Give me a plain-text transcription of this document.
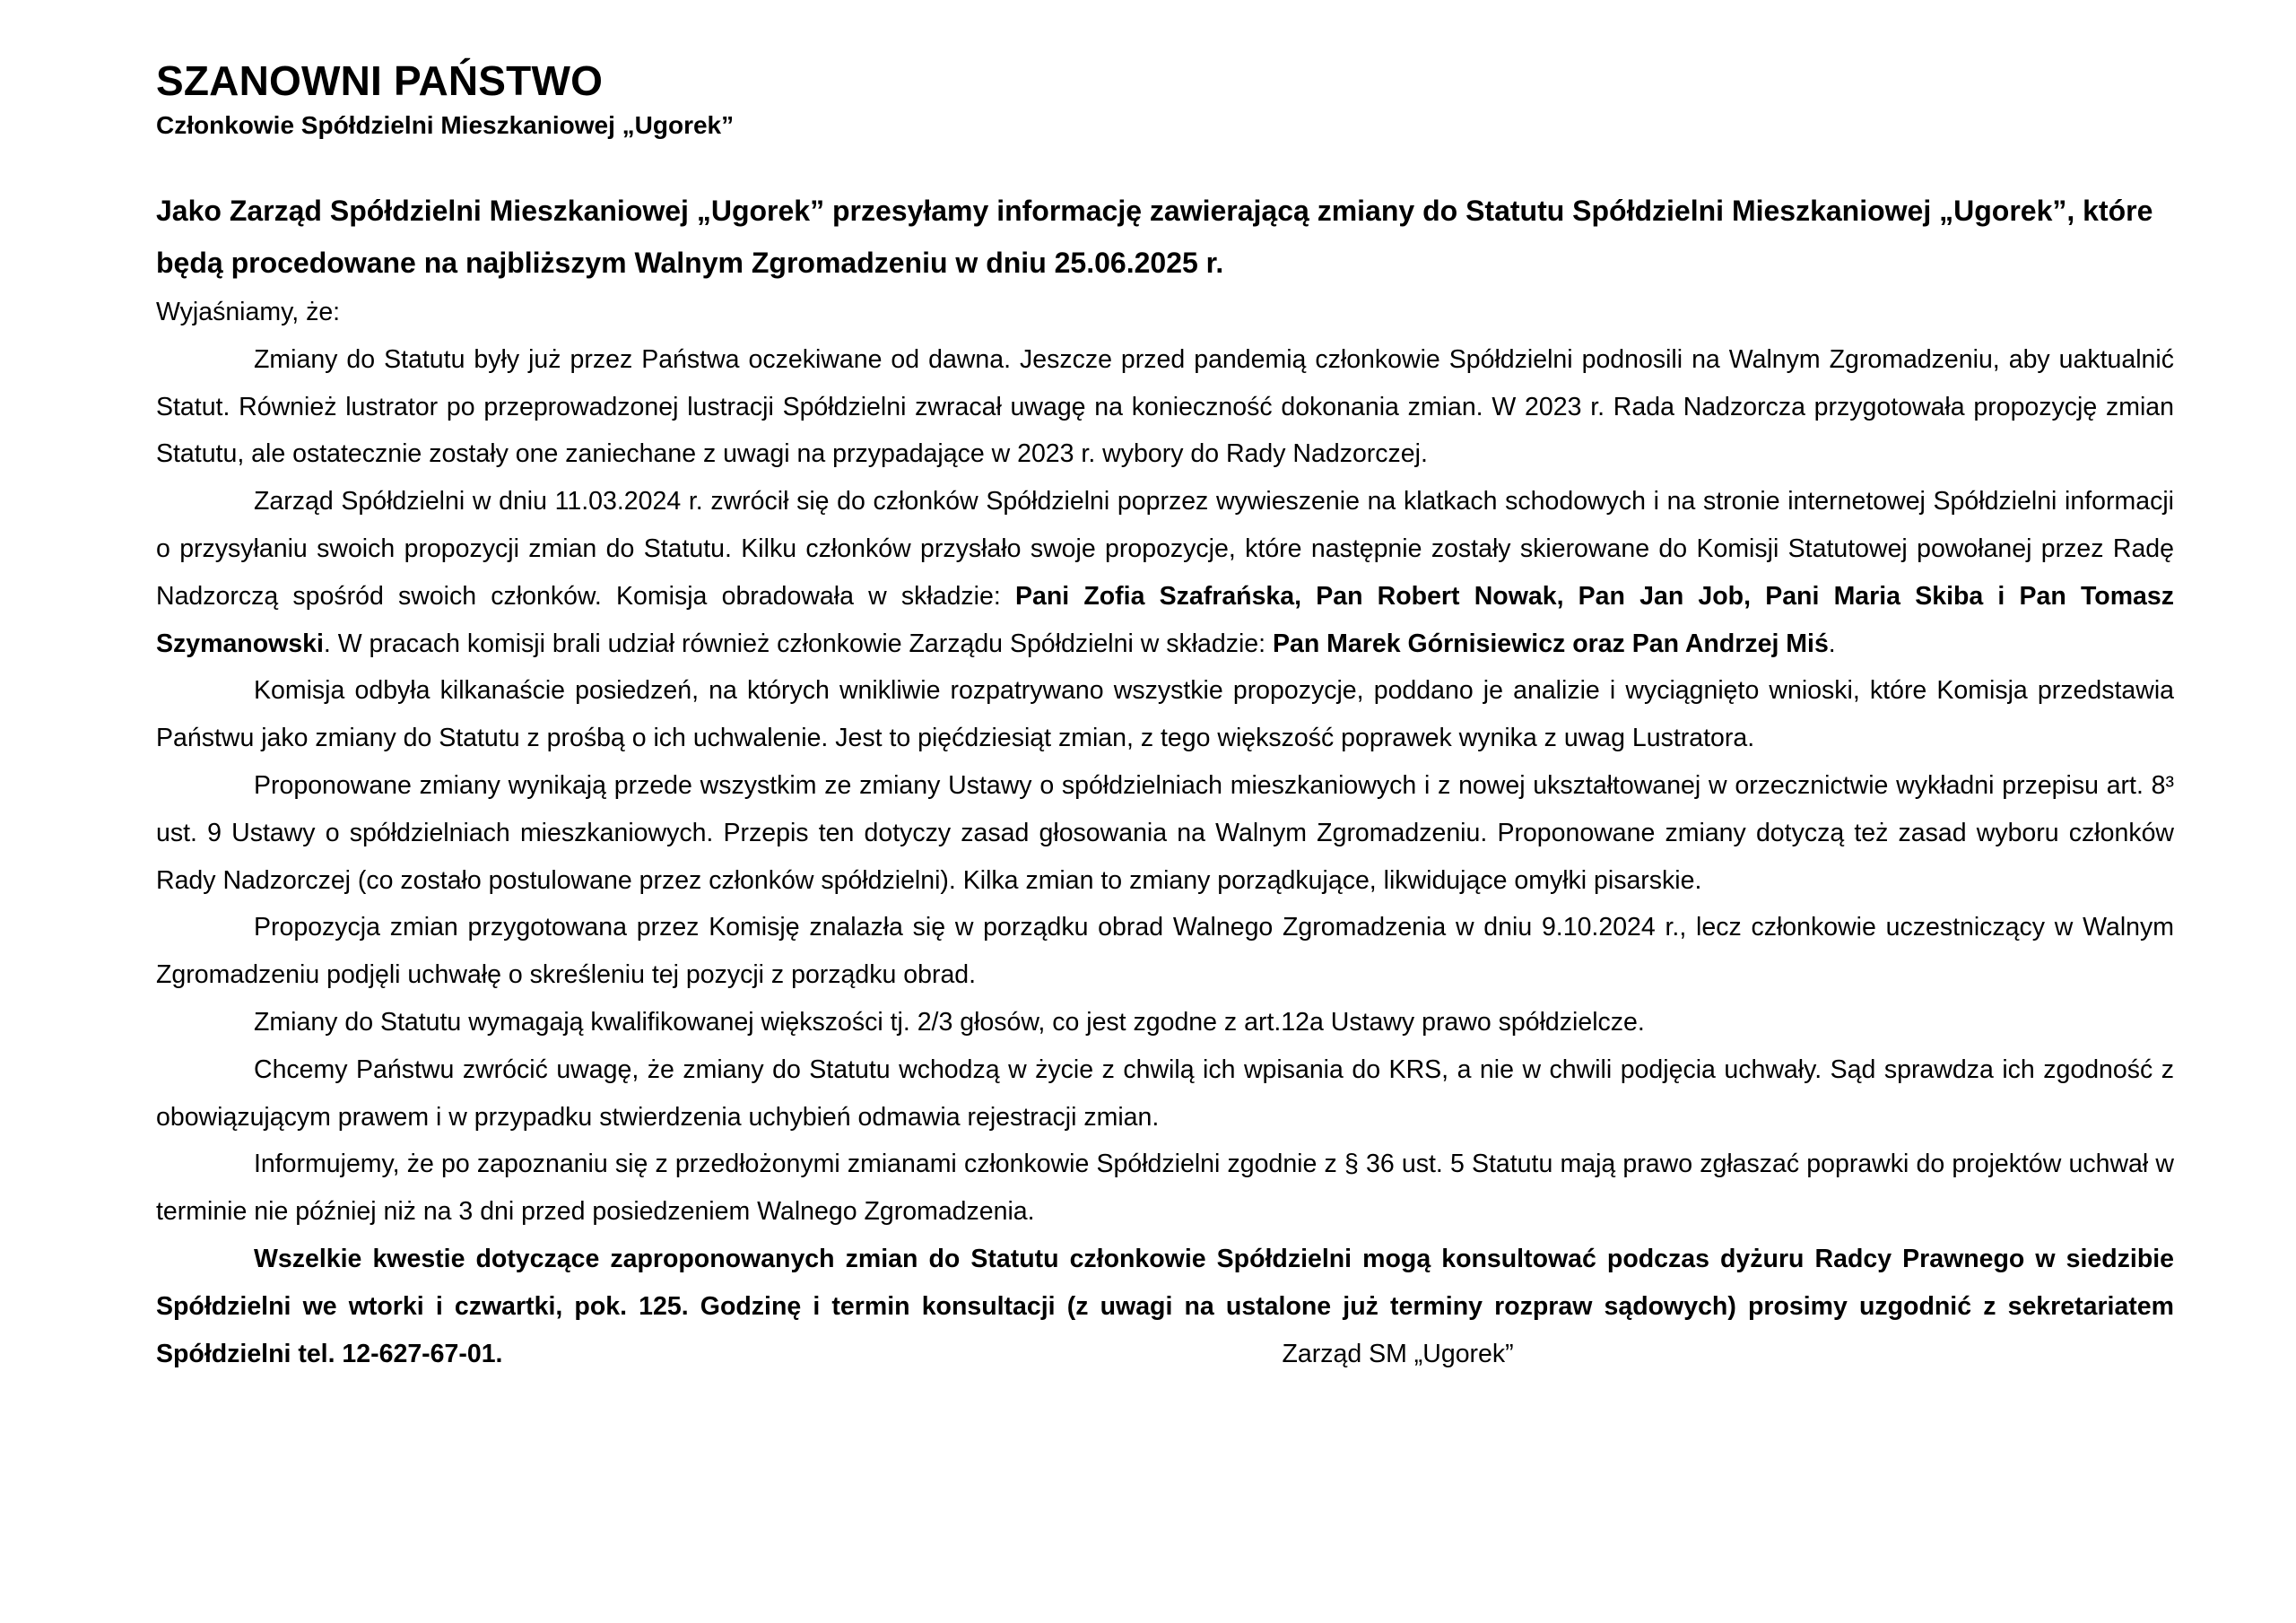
SZANOWNI PAŃSTWO

Członkowie Spółdzielni Mieszkaniowej „Ugorek”

Jako Zarząd Spółdzielni Mieszkaniowej „Ugorek” przesyłamy informację zawierającą zmiany do Statutu Spółdzielni Mieszkaniowej „Ugorek”, które będą procedowane na najbliższym Walnym Zgromadzeniu w dniu 25.06.2025 r.

Wyjaśniamy, że:

Zmiany do Statutu były już przez Państwa oczekiwane od dawna. Jeszcze przed pandemią członkowie Spółdzielni podnosili na Walnym Zgromadzeniu, aby uaktualnić Statut. Również lustrator po przeprowadzonej lustracji Spółdzielni zwracał uwagę na konieczność dokonania zmian. W 2023 r. Rada Nadzorcza przygotowała propozycję zmian Statutu, ale ostatecznie zostały one zaniechane z uwagi na przypadające w 2023 r. wybory do Rady Nadzorczej.

Zarząd Spółdzielni w dniu 11.03.2024 r. zwrócił się do członków Spółdzielni poprzez wywieszenie na klatkach schodowych i na stronie internetowej Spółdzielni informacji o przysyłaniu swoich propozycji zmian do Statutu. Kilku członków przysłało swoje propozycje, które następnie zostały skierowane do Komisji Statutowej powołanej przez Radę Nadzorczą spośród swoich członków. Komisja obradowała w składzie: Pani Zofia Szafrańska, Pan Robert Nowak, Pan Jan Job, Pani Maria Skiba i Pan Tomasz Szymanowski. W pracach komisji brali udział również członkowie Zarządu Spółdzielni w składzie: Pan Marek Górnisiewicz oraz Pan Andrzej Miś.

Komisja odbyła kilkanaście posiedzeń, na których wnikliwie rozpatrywano wszystkie propozycje, poddano je analizie i wyciągnięto wnioski, które Komisja przedstawia Państwu jako zmiany do Statutu z prośbą o ich uchwalenie. Jest to pięćdziesiąt zmian, z tego większość poprawek wynika z uwag Lustratora.

Proponowane zmiany wynikają przede wszystkim ze zmiany Ustawy o spółdzielniach mieszkaniowych i z nowej ukształtowanej w orzecznictwie wykładni przepisu art. 8³ ust. 9 Ustawy o spółdzielniach mieszkaniowych. Przepis ten dotyczy zasad głosowania na Walnym Zgromadzeniu. Proponowane zmiany dotyczą też zasad wyboru członków Rady Nadzorczej (co zostało postulowane przez członków spółdzielni). Kilka zmian to zmiany porządkujące, likwidujące omyłki pisarskie.

Propozycja zmian przygotowana przez Komisję znalazła się w porządku obrad Walnego Zgromadzenia w dniu 9.10.2024 r., lecz członkowie uczestniczący w Walnym Zgromadzeniu podjęli uchwałę o skreśleniu tej pozycji z porządku obrad.

Zmiany do Statutu wymagają kwalifikowanej większości tj. 2/3 głosów, co jest zgodne z art.12a Ustawy prawo spółdzielcze.

Chcemy Państwu zwrócić uwagę, że zmiany do Statutu wchodzą w życie z chwilą ich wpisania do KRS, a nie w chwili podjęcia uchwały. Sąd sprawdza ich zgodność z obowiązującym prawem i w przypadku stwierdzenia uchybień odmawia rejestracji zmian.

Informujemy, że po zapoznaniu się z przedłożonymi zmianami członkowie Spółdzielni zgodnie z § 36 ust. 5 Statutu mają prawo zgłaszać poprawki do projektów uchwał w terminie nie później niż na 3 dni przed posiedzeniem Walnego Zgromadzenia.

Wszelkie kwestie dotyczące zaproponowanych zmian do Statutu członkowie Spółdzielni mogą konsultować podczas dyżuru Radcy Prawnego w siedzibie Spółdzielni we wtorki i czwartki, pok. 125. Godzinę i termin konsultacji (z uwagi na ustalone już terminy rozpraw sądowych) prosimy uzgodnić z sekretariatem Spółdzielni tel. 12-627-67-01.	Zarząd SM „Ugorek”
